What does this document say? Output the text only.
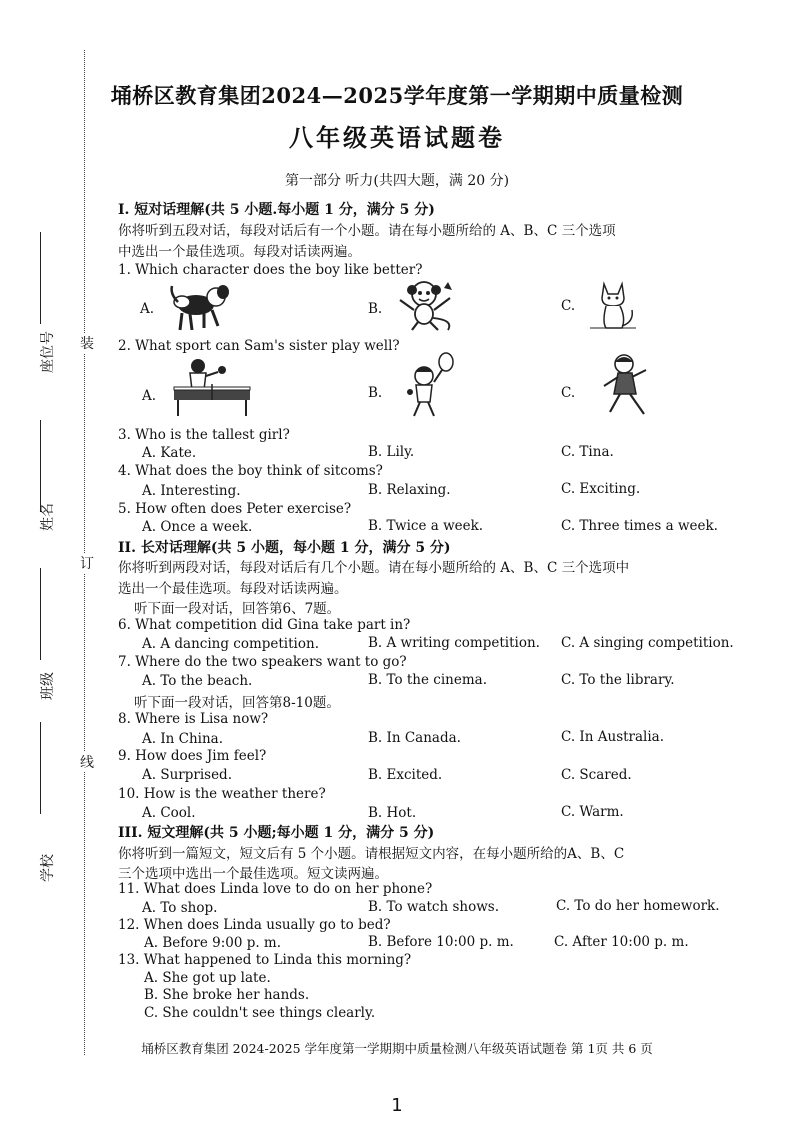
装
订
线
座位号
姓名
班级
学校
埇桥区教育集团2024—2025学年度第一学期期中质量检测
八年级英语试题卷
第一部分 听力(共四大题，满 20 分)
I. 短对话理解(共 5 小题.每小题 1 分，满分 5 分)
你将听到五段对话，每段对话后有一个小题。请在每小题所给的 A、B、C 三个选项
中选出一个最佳选项。每段对话读两遍。
1. Which character does the boy like better?
A.	B.	C.
2. What sport can Sam's sister play well?
A.	B.	C.
3. Who is the tallest girl?
A. Kate.	B. Lily.	C. Tina.
4. What does the boy think of sitcoms?
A. Interesting.	B. Relaxing.	C. Exciting.
5. How often does Peter exercise?
A. Once a week.	B. Twice a week.	C. Three times a week.
II. 长对话理解(共 5 小题，每小题 1 分，满分 5 分)
你将听到两段对话，每段对话后有几个小题。请在每小题所给的 A、B、C 三个选项中
选出一个最佳选项。每段对话读两遍。
听下面一段对话，回答第6、7题。
6. What competition did Gina take part in?
A. A dancing competition.	B. A writing competition. C. A singing competition.
7. Where do the two speakers want to go?
A. To the beach.	B. To the cinema.	C. To the library.
听下面一段对话，回答第8-10题。
8. Where is Lisa now?
A. In China.	B. In Canada.	C. In Australia.
9. How does Jim feel?
A. Surprised.	B. Excited.	C. Scared.
10. How is the weather there?
A. Cool.	B. Hot.	C. Warm.
III. 短文理解(共 5 小题;每小题 1 分，满分 5 分)
你将听到一篇短文，短文后有 5 个小题。请根据短文内容，在每小题所给的A、B、C
三个选项中选出一个最佳选项。短文读两遍。
11. What does Linda love to do on her phone?
A. To shop.	B. To watch shows.	C. To do her homework.
12. When does Linda usually go to bed?
A. Before 9:00 p. m.	B. Before 10:00 p. m.	C. After 10:00 p. m.
13. What happened to Linda this morning?
A. She got up late.
B. She broke her hands.
C. She couldn't see things clearly.
埇桥区教育集团 2024-2025 学年度第一学期期中质量检测八年级英语试题卷 第 1页 共 6 页
1
